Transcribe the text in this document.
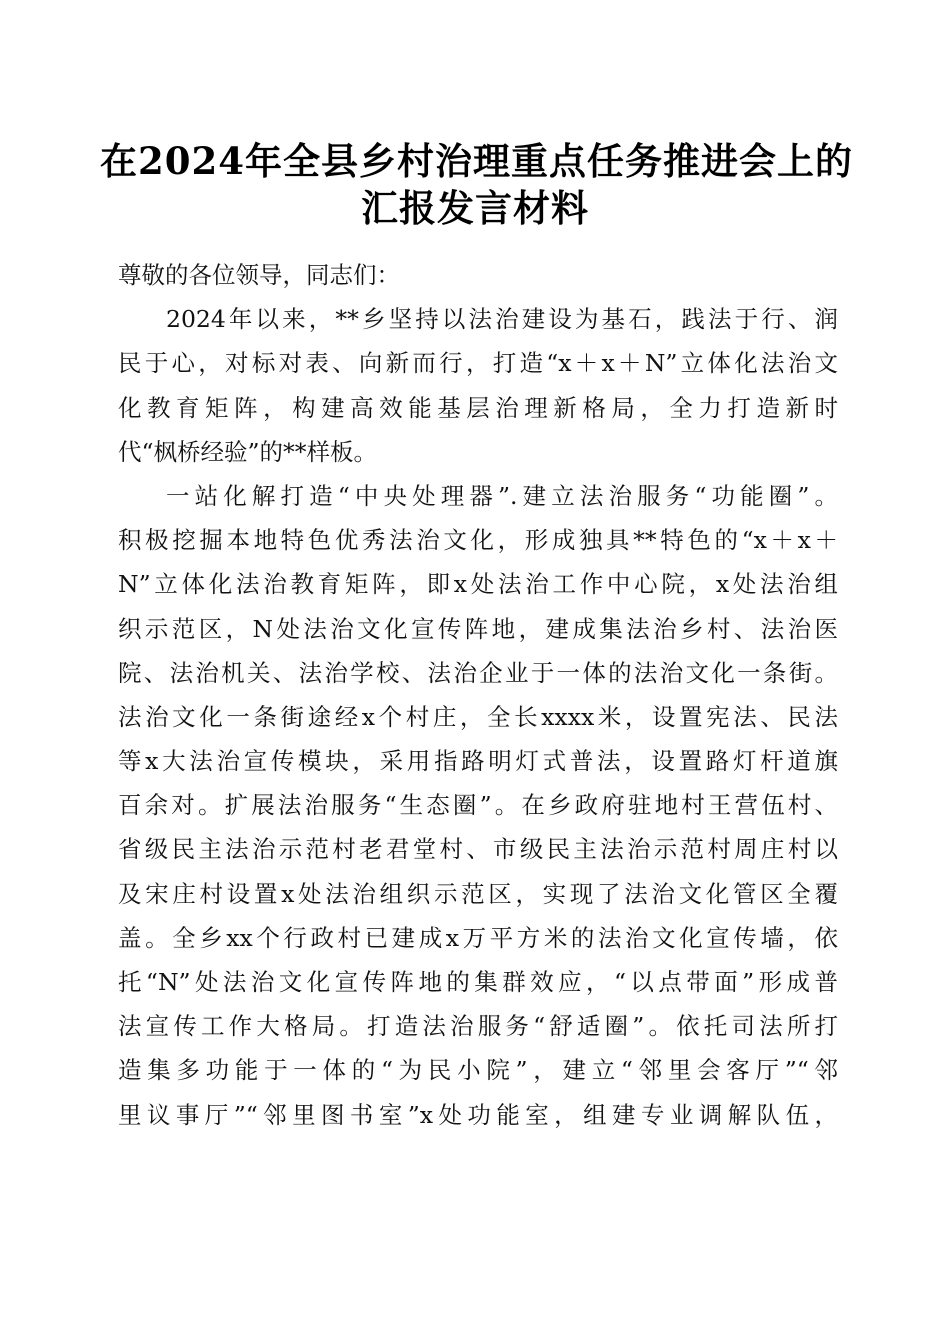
在2024年全县乡村治理重点任务推进会上的
汇报发言材料
尊敬的各位领导，同志们：
2024年以来，**乡坚持以法治建设为基石，践法于行、润
民于心，对标对表、向新而行，打造“x＋x＋N”立体化法治文
化教育矩阵，构建高效能基层治理新格局，全力打造新时
代“枫桥经验”的**样板。
一站化解打造“中央处理器”.建立法治服务“功能圈”。
积极挖掘本地特色优秀法治文化，形成独具**特色的“x＋x＋
N”立体化法治教育矩阵，即x处法治工作中心院，x处法治组
织示范区，N处法治文化宣传阵地，建成集法治乡村、法治医
院、法治机关、法治学校、法治企业于一体的法治文化一条街。
法治文化一条街途经x个村庄，全长xxxx米，设置宪法、民法
等x大法治宣传模块，采用指路明灯式普法，设置路灯杆道旗
百余对。扩展法治服务“生态圈”。在乡政府驻地村王营伍村、
省级民主法治示范村老君堂村、市级民主法治示范村周庄村以
及宋庄村设置x处法治组织示范区，实现了法治文化管区全覆
盖。全乡xx个行政村已建成x万平方米的法治文化宣传墙，依
托“N”处法治文化宣传阵地的集群效应，“以点带面”形成普
法宣传工作大格局。打造法治服务“舒适圈”。依托司法所打
造集多功能于一体的“为民小院”，建立“邻里会客厅”“邻
里议事厅”“邻里图书室”x处功能室，组建专业调解队伍，
